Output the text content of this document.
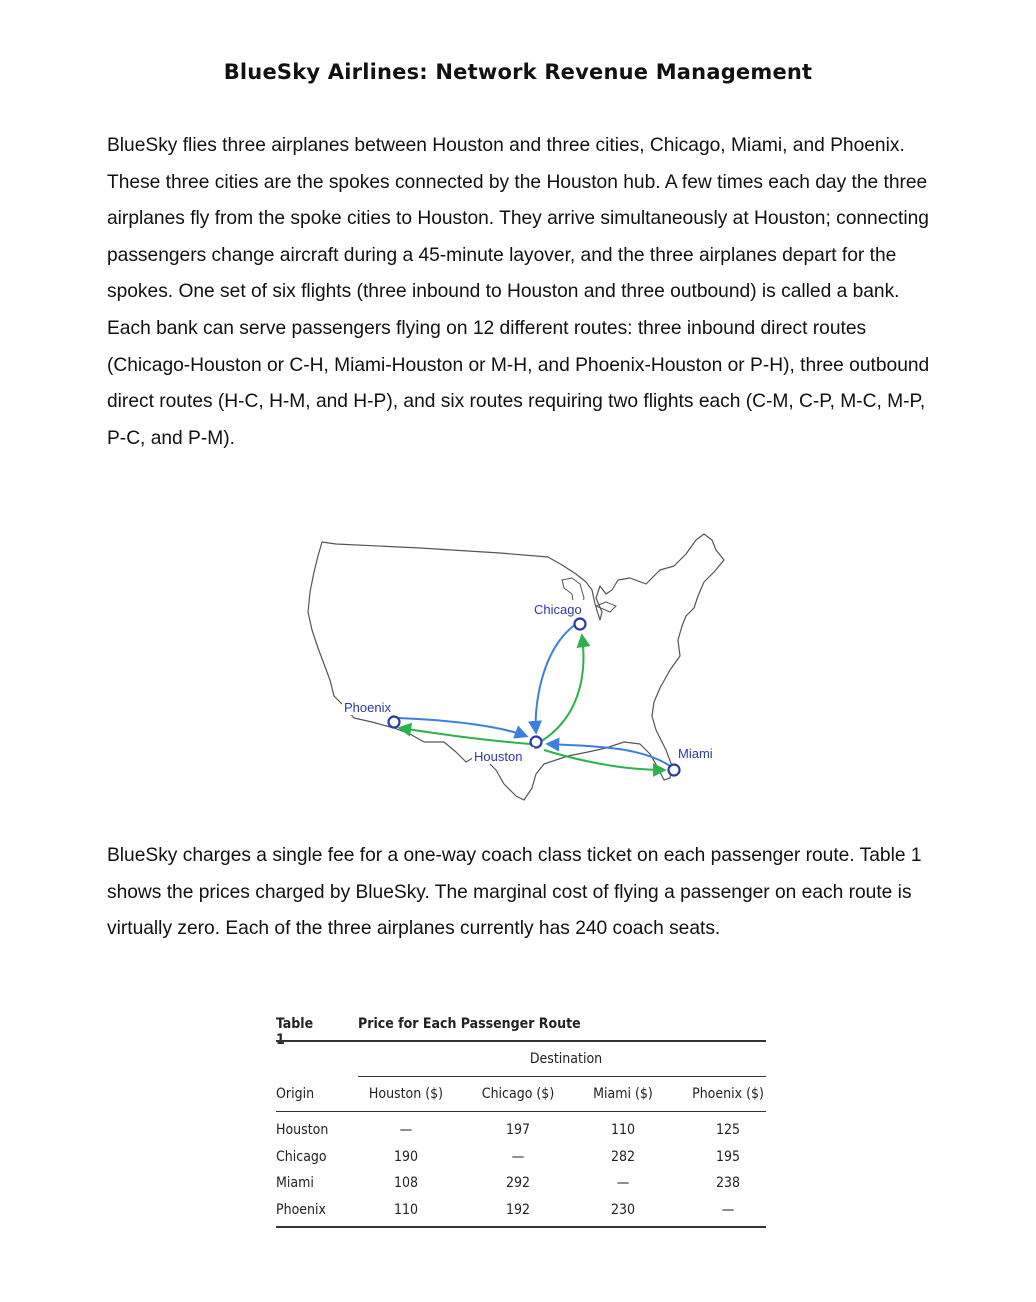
BlueSky Airlines: Network Revenue Management
BlueSky flies three airplanes between Houston and three cities, Chicago, Miami, and Phoenix. These three cities are the spokes connected by the Houston hub. A few times each day the three airplanes fly from the spoke cities to Houston. They arrive simultaneously at Houston; connecting passengers change aircraft during a 45-minute layover, and the three airplanes depart for the spokes. One set of six flights (three inbound to Houston and three outbound) is called a bank. Each bank can serve passengers flying on 12 different routes: three inbound direct routes (Chicago-Houston or C-H, Miami-Houston or M-H, and Phoenix-Houston or P-H), three outbound direct routes (H-C, H-M, and H-P), and six routes requiring two flights each (C-M, C-P, M-C, M-P, P-C, and P-M).
Chicago
Phoenix
Houston	Miami
BlueSky charges a single fee for a one-way coach class ticket on each passenger route. Table 1 shows the prices charged by BlueSky. The marginal cost of flying a passenger on each route is virtually zero. Each of the three airplanes currently has 240 coach seats.
Table	Price for Each Passenger Route
Destination
Origin	Houston ($)	Chicago ($)	Miami ($)	Phoenix ($)
Houston	—	197	110	125
Chicago	190	—	282	195
Miami	108	292	—	238
Phoenix	110	192	230	—
